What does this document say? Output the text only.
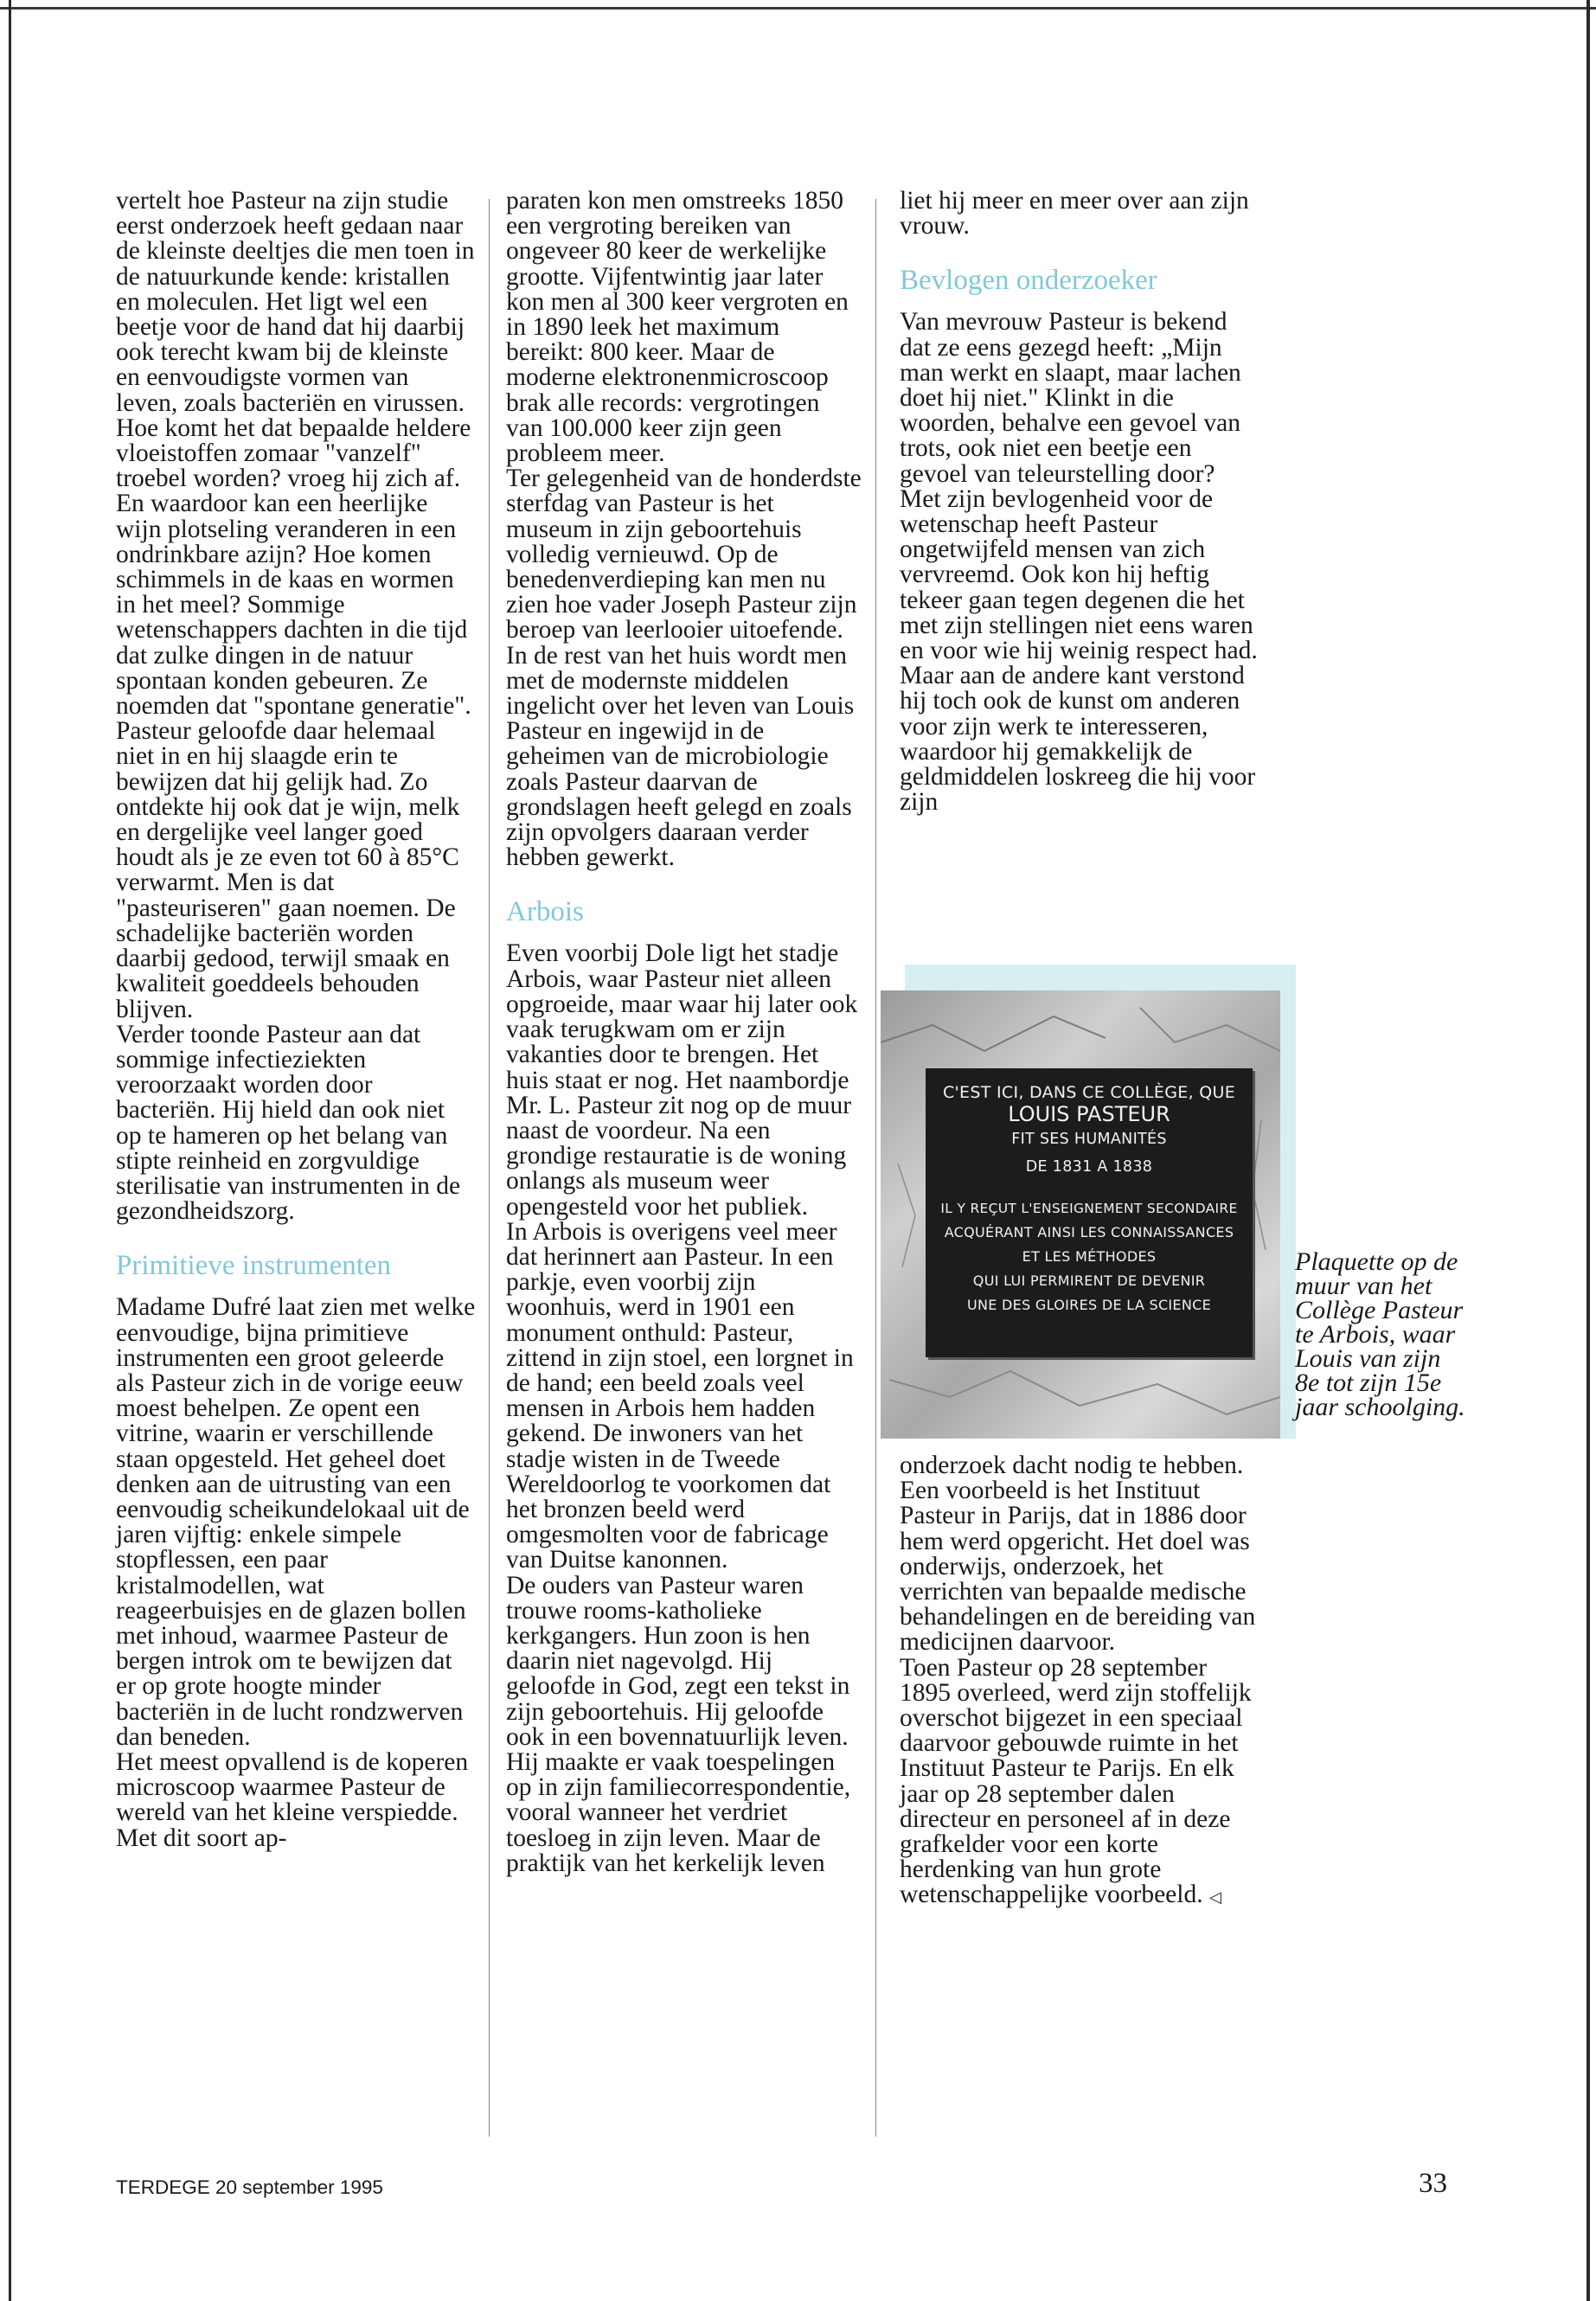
vertelt hoe Pasteur na zijn studie eerst onderzoek heeft gedaan naar de kleinste deeltjes die men toen in de natuurkunde kende: kristallen en moleculen. Het ligt wel een beetje voor de hand dat hij daarbij ook terecht kwam bij de kleinste en eenvoudigste vormen van leven, zoals bacteriën en virussen.

Hoe komt het dat bepaalde heldere vloeistoffen zomaar "vanzelf" troebel worden? vroeg hij zich af. En waardoor kan een heerlijke wijn plotseling veranderen in een ondrinkbare azijn? Hoe komen schimmels in de kaas en wormen in het meel? Sommige wetenschappers dachten in die tijd dat zulke dingen in de natuur spontaan konden gebeuren. Ze noemden dat "spontane generatie". Pasteur geloofde daar helemaal niet in en hij slaagde erin te bewijzen dat hij gelijk had. Zo ontdekte hij ook dat je wijn, melk en dergelijke veel langer goed houdt als je ze even tot 60 à 85°C verwarmt. Men is dat "pasteuriseren" gaan noemen. De schadelijke bacteriën worden daarbij gedood, terwijl smaak en kwaliteit goeddeels behouden blijven.

Verder toonde Pasteur aan dat sommige infectieziekten veroorzaakt worden door bacteriën. Hij hield dan ook niet op te hameren op het belang van stipte reinheid en zorgvuldige sterilisatie van instrumenten in de gezondheidszorg.

Primitieve instrumenten

Madame Dufré laat zien met welke eenvoudige, bijna primitieve instrumenten een groot geleerde als Pasteur zich in de vorige eeuw moest behelpen. Ze opent een vitrine, waarin er verschillende staan opgesteld. Het geheel doet denken aan de uitrusting van een eenvoudig scheikundelokaal uit de jaren vijftig: enkele simpele stopflessen, een paar kristalmodellen, wat reageerbuisjes en de glazen bollen met inhoud, waarmee Pasteur de bergen introk om te bewijzen dat er op grote hoogte minder bacteriën in de lucht rondzwerven dan beneden.

Het meest opvallend is de koperen microscoop waarmee Pasteur de wereld van het kleine verspiedde. Met dit soort ap-

paraten kon men omstreeks 1850 een vergroting bereiken van ongeveer 80 keer de werkelijke grootte. Vijfentwintig jaar later kon men al 300 keer vergroten en in 1890 leek het maximum bereikt: 800 keer. Maar de moderne elektronenmicroscoop brak alle records: vergrotingen van 100.000 keer zijn geen probleem meer.

Ter gelegenheid van de honderdste sterfdag van Pasteur is het museum in zijn geboortehuis volledig vernieuwd. Op de benedenverdieping kan men nu zien hoe vader Joseph Pasteur zijn beroep van leerlooier uitoefende. In de rest van het huis wordt men met de modernste middelen ingelicht over het leven van Louis Pasteur en ingewijd in de geheimen van de microbiologie zoals Pasteur daarvan de grondslagen heeft gelegd en zoals zijn opvolgers daaraan verder hebben gewerkt.

Arbois

Even voorbij Dole ligt het stadje Arbois, waar Pasteur niet alleen opgroeide, maar waar hij later ook vaak terugkwam om er zijn vakanties door te brengen. Het huis staat er nog. Het naambordje Mr. L. Pasteur zit nog op de muur naast de voordeur. Na een grondige restauratie is de woning onlangs als museum weer opengesteld voor het publiek.

In Arbois is overigens veel meer dat herinnert aan Pasteur. In een parkje, even voorbij zijn woonhuis, werd in 1901 een monument onthuld: Pasteur, zittend in zijn stoel, een lorgnet in de hand; een beeld zoals veel mensen in Arbois hem hadden gekend. De inwoners van het stadje wisten in de Tweede Wereldoorlog te voorkomen dat het bronzen beeld werd omgesmolten voor de fabricage van Duitse kanonnen.

De ouders van Pasteur waren trouwe rooms-katholieke kerkgangers. Hun zoon is hen daarin niet nagevolgd. Hij geloofde in God, zegt een tekst in zijn geboortehuis. Hij geloofde ook in een bovennatuurlijk leven. Hij maakte er vaak toespelingen op in zijn familiecorrespondentie, vooral wanneer het verdriet toesloeg in zijn leven. Maar de praktijk van het kerkelijk leven

liet hij meer en meer over aan zijn vrouw.

Bevlogen onderzoeker

Van mevrouw Pasteur is bekend dat ze eens gezegd heeft: „Mijn man werkt en slaapt, maar lachen doet hij niet." Klinkt in die woorden, behalve een gevoel van trots, ook niet een beetje een gevoel van teleurstelling door?

Met zijn bevlogenheid voor de wetenschap heeft Pasteur ongetwijfeld mensen van zich vervreemd. Ook kon hij heftig tekeer gaan tegen degenen die het met zijn stellingen niet eens waren en voor wie hij weinig respect had. Maar aan de andere kant verstond hij toch ook de kunst om anderen voor zijn werk te interesseren, waardoor hij gemakkelijk de geldmiddelen loskreeg die hij voor zijn

C'EST ICI, DANS CE COLLÈGE, QUE
LOUIS PASTEUR
FIT SES HUMANITÉS
DE 1831 A 1838
IL Y REÇUT L'ENSEIGNEMENT SECONDAIRE
ACQUÉRANT AINSI LES CONNAISSANCES
ET LES MÉTHODES
QUI LUI PERMIRENT DE DEVENIR
UNE DES GLOIRES DE LA SCIENCE
Plaquette op de muur van het Collège Pasteur te Arbois, waar Louis van zijn 8e tot zijn 15e jaar schoolging.

onderzoek dacht nodig te hebben. Een voorbeeld is het Instituut Pasteur in Parijs, dat in 1886 door hem werd opgericht. Het doel was onderwijs, onderzoek, het verrichten van bepaalde medische behandelingen en de bereiding van medicijnen daarvoor.

Toen Pasteur op 28 september 1895 overleed, werd zijn stoffelijk overschot bijgezet in een speciaal daarvoor gebouwde ruimte in het Instituut Pasteur te Parijs. En elk jaar op 28 september dalen directeur en personeel af in deze grafkelder voor een korte herdenking van hun grote wetenschappelijke voorbeeld. ◁

TERDEGE 20 september 1995	33
